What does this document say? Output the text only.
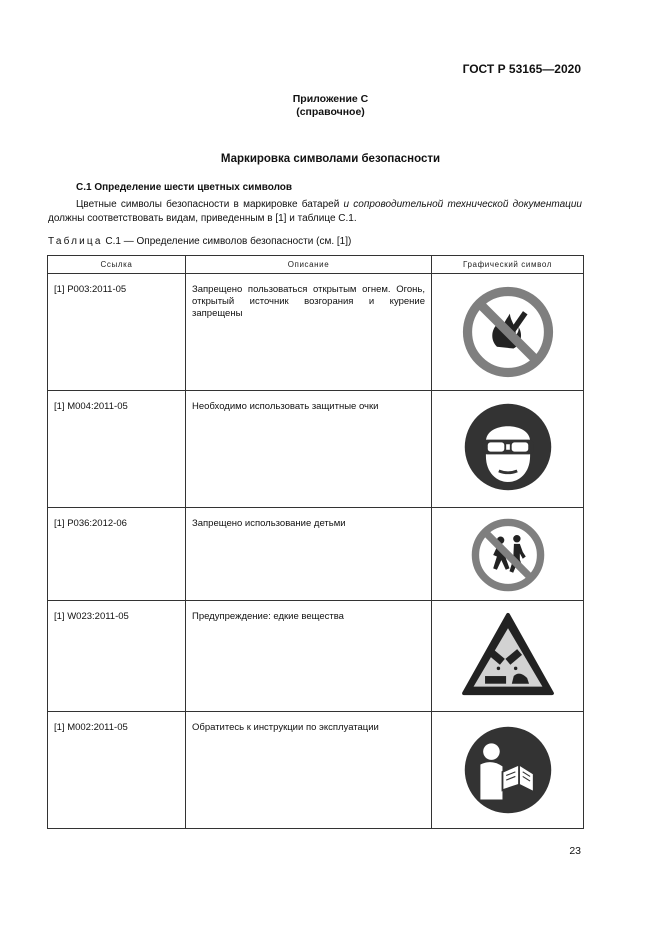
ГОСТ Р 53165—2020
Приложение С
(справочное)
Маркировка символами безопасности
С.1 Определение шести цветных символов
Цветные символы безопасности в маркировке батарей и сопроводительной технической документации должны соответствовать видам, приведенным в [1] и таблице С.1.
Таблица С.1 — Определение символов безопасности (см. [1])
Ссылка	Описание	Графический символ
[1] P003:2011-05	Запрещено пользоваться открытым огнем. Огонь, открытый источник возгорания и курение запрещены	

[1] M004:2011-05	Необходимо использовать защитные очки	

[1] P036:2012-06	Запрещено использование детьми	

[1] W023:2011-05	Предупреждение: едкие вещества	

[1] M002:2011-05	Обратитесь к инструкции по эксплуатации	
23
